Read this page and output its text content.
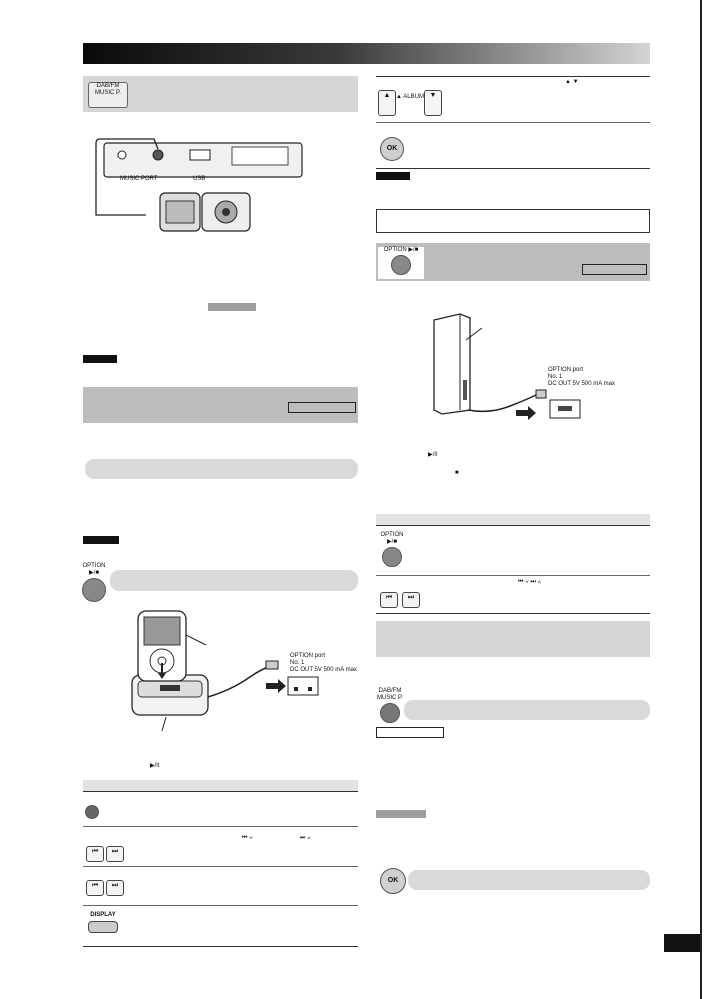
DAB/FM MUSIC P.
MUSIC PORT	USB
OPTION ▶/■
OPTION port
No. 1
DC OUT 5V 500 mA max
▶/II
⏮	⏭
⏮ ∨	⏭ ∧
⏮	⏭
DISPLAY
▲ ▼
▲ ▲ ALBUM ▼
OK
OPTION ▶/■
OPTION port
No. 1
DC OUT 5V 500 mA max
▶/II
■
OPTION ▶/■
⏮	⏭
⏮ ∨ ⏭ ∧
DAB/FM MUSIC P.
OK
